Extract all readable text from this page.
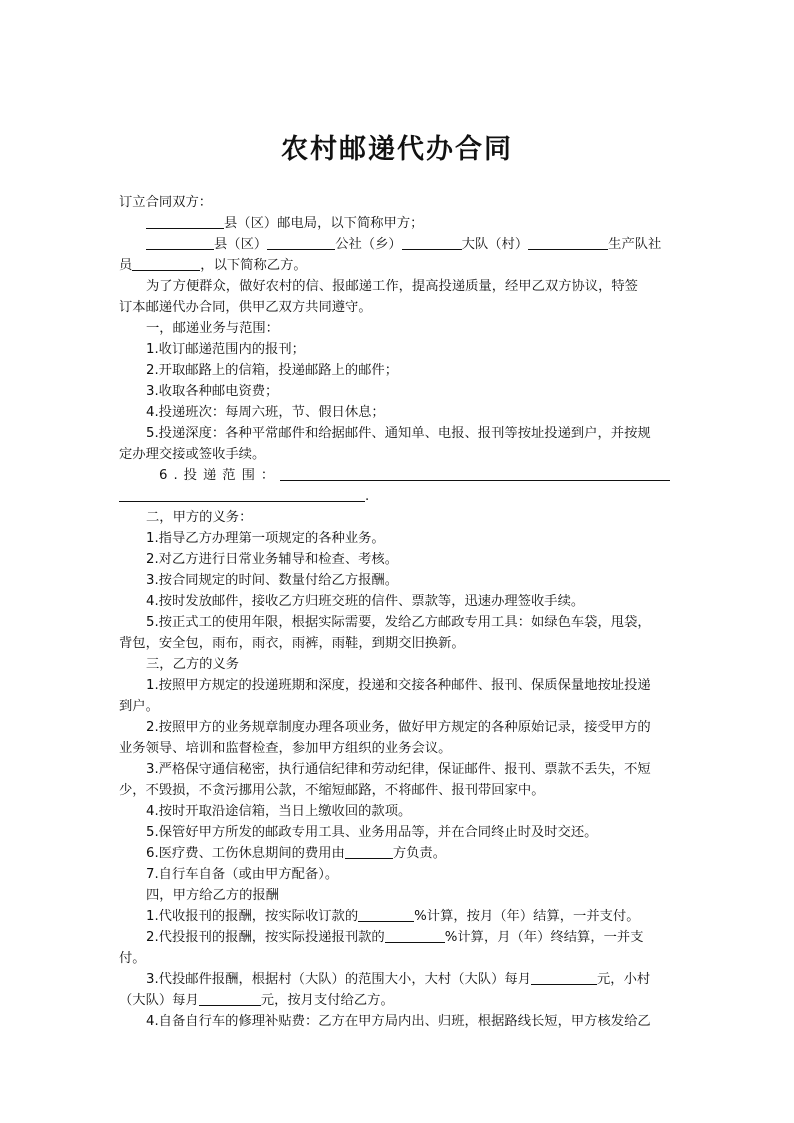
农村邮递代办合同

订立合同双方：

县（区）邮电局，以下简称甲方；

县（区）	公社（乡）	大队（村）	生产队社

员	，以下简称乙方。

为了方便群众，做好农村的信、报邮递工作，提高投递质量，经甲乙双方协议，特签

订本邮递代办合同，供甲乙双方共同遵守。

一，邮递业务与范围：

1.收订邮递范围内的报刊；

2.开取邮路上的信箱，投递邮路上的邮件；

3.收取各种邮电资费；

4.投递班次：每周六班，节、假日休息；

5.投递深度：各种平常邮件和给据邮件、通知单、电报、报刊等按址投递到户，并按规

定办理交接或签收手续。

6.投递范围：

.

二，甲方的义务：

1.指导乙方办理第一项规定的各种业务。

2.对乙方进行日常业务辅导和检查、考核。

3.按合同规定的时间、数量付给乙方报酬。

4.按时发放邮件，接收乙方归班交班的信件、票款等，迅速办理签收手续。

5.按正式工的使用年限，根据实际需要，发给乙方邮政专用工具：如绿色车袋，甩袋，

背包，安全包，雨布，雨衣，雨裤，雨鞋，到期交旧换新。

三，乙方的义务

1.按照甲方规定的投递班期和深度，投递和交接各种邮件、报刊、保质保量地按址投递

到户。

2.按照甲方的业务规章制度办理各项业务，做好甲方规定的各种原始记录，接受甲方的

业务领导、培训和监督检查，参加甲方组织的业务会议。

3.严格保守通信秘密，执行通信纪律和劳动纪律，保证邮件、报刊、票款不丢失，不短

少，不毁损，不贪污挪用公款，不缩短邮路，不将邮件、报刊带回家中。

4.按时开取沿途信箱，当日上缴收回的款项。

5.保管好甲方所发的邮政专用工具、业务用品等，并在合同终止时及时交还。

6.医疗费、工伤休息期间的费用由	方负责。

7.自行车自备（或由甲方配备）。

四，甲方给乙方的报酬

1.代收报刊的报酬，按实际收订款的	%计算，按月（年）结算，一并支付。

2.代投报刊的报酬，按实际投递报刊款的	%计算，月（年）终结算，一并支

付。

3.代投邮件报酬，根据村（大队）的范围大小，大村（大队）每月	元，小村

（大队）每月	元，按月支付给乙方。

4.自备自行车的修理补贴费：乙方在甲方局内出、归班，根据路线长短，甲方核发给乙
